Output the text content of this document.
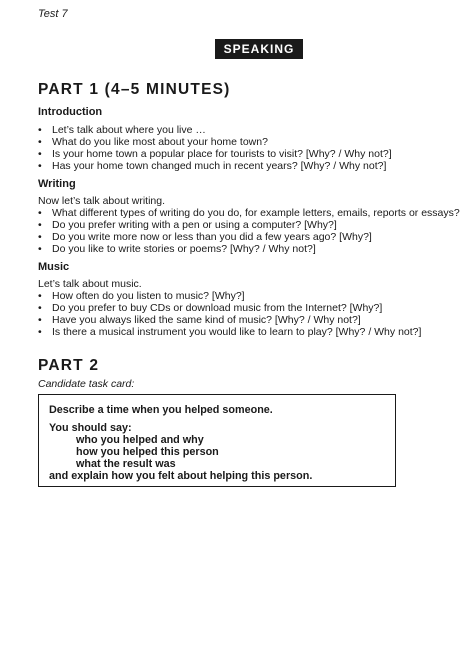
Test 7
SPEAKING
PART 1 (4–5 MINUTES)
Introduction
• Let’s talk about where you live …
• What do you like most about your home town?
• Is your home town a popular place for tourists to visit? [Why? / Why not?]
• Has your home town changed much in recent years? [Why? / Why not?]
Writing
Now let’s talk about writing.
• What different types of writing do you do, for example letters, emails, reports or essays?
• Do you prefer writing with a pen or using a computer? [Why?]
• Do you write more now or less than you did a few years ago? [Why?]
• Do you like to write stories or poems? [Why? / Why not?]
Music
Let’s talk about music.
• How often do you listen to music? [Why?]
• Do you prefer to buy CDs or download music from the Internet? [Why?]
• Have you always liked the same kind of music? [Why? / Why not?]
• Is there a musical instrument you would like to learn to play? [Why? / Why not?]
PART 2
Candidate task card:
Describe a time when you helped someone.
You should say:
who you helped and why
how you helped this person
what the result was
and explain how you felt about helping this person.
